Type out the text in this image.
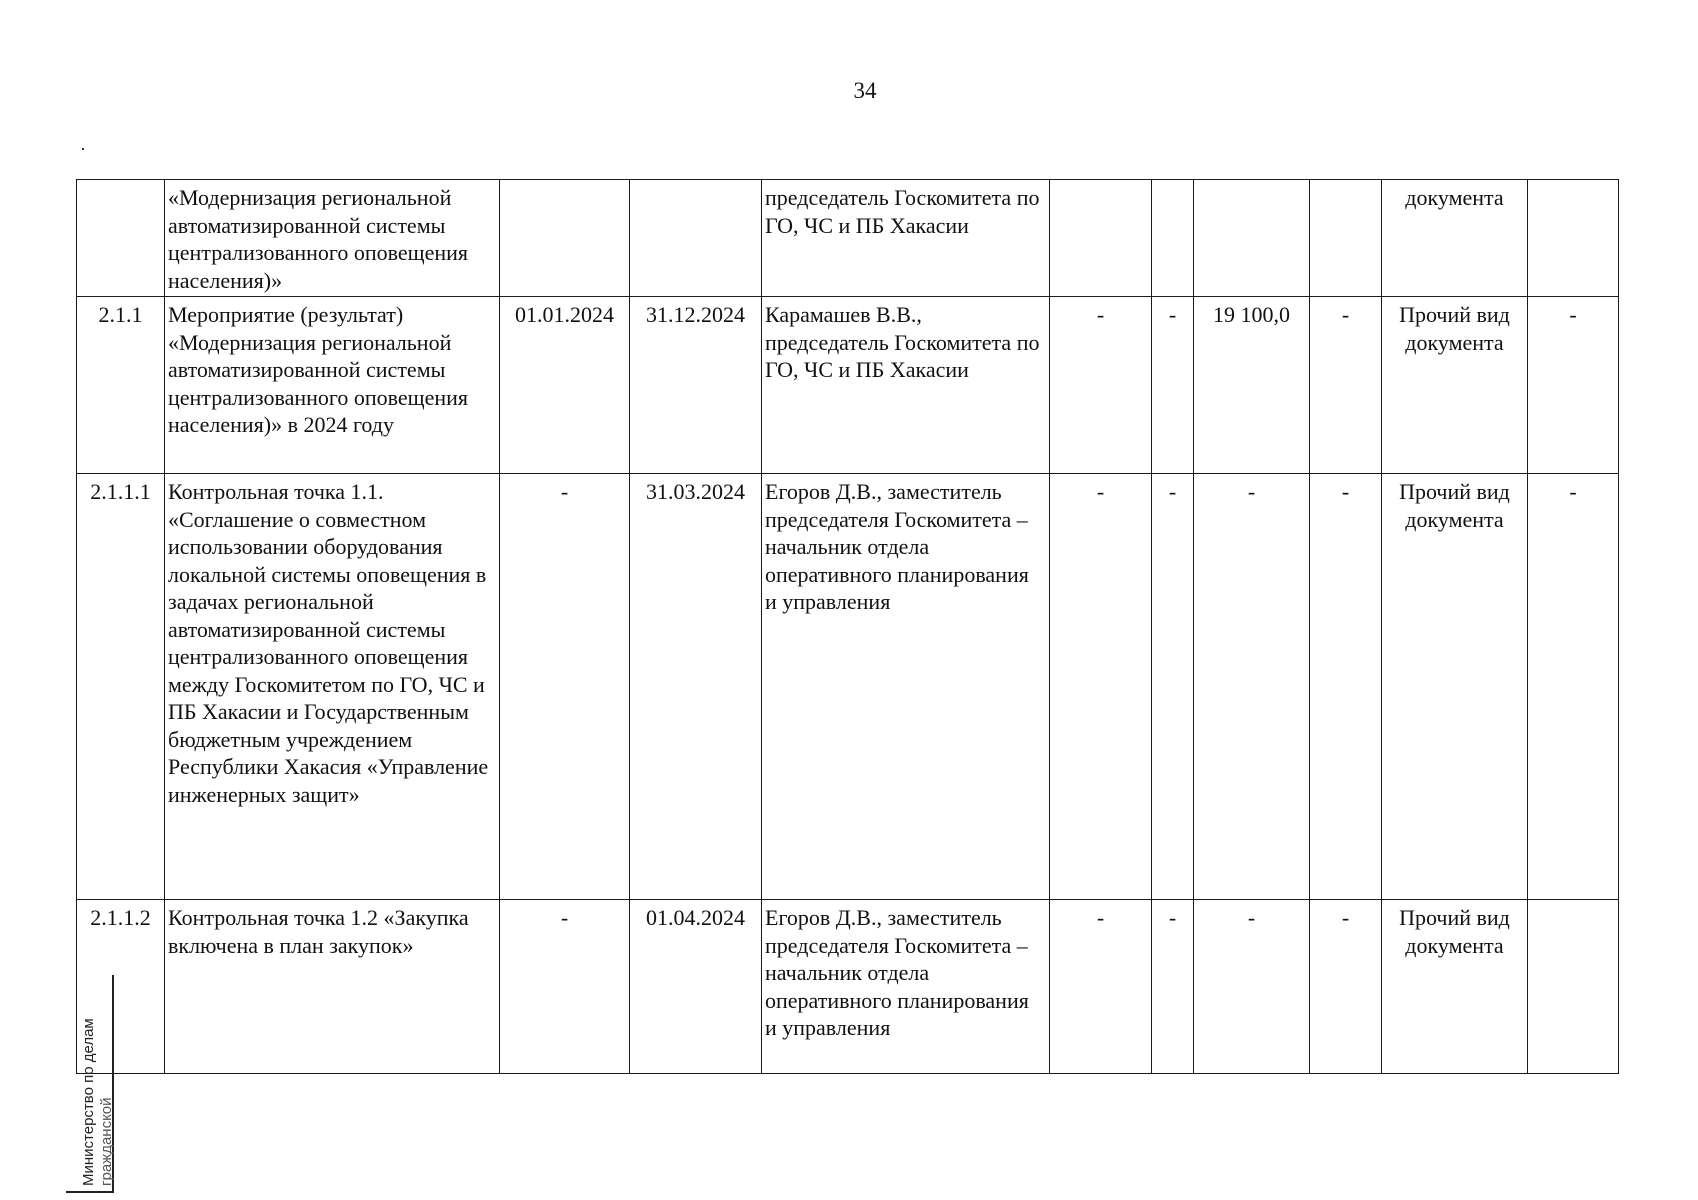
34
	«Модернизация региональной автоматизированной системы централизованного оповещения населения)»			председатель Госкомитета по ГО, ЧС и ПБ Хакасии					документа	
2.1.1	Мероприятие (результат) «Модернизация региональной автоматизированной системы централизованного оповещения населения)» в 2024 году	01.01.2024	31.12.2024	Карамашев В.В., председатель Госкомитета по ГО, ЧС и ПБ Хакасии	-	-	19 100,0	-	Прочий вид документа	-
2.1.1.1	Контрольная точка 1.1. «Соглашение о совместном использовании оборудования локальной системы оповещения в задачах региональной автоматизированной системы централизованного оповещения между Госкомитетом по ГО, ЧС и ПБ Хакасии и Государственным бюджетным учреждением Республики Хакасия «Управление инженерных защит»	-	31.03.2024	Егоров Д.В., заместитель председателя Госкомитета – начальник отдела оперативного планирования и управления	-	-	-	-	Прочий вид документа	-
2.1.1.2	Контрольная точка 1.2 «Закупка включена в план закупок»	-	01.04.2024	Егоров Д.В., заместитель председателя Госкомитета – начальник отдела оперативного планирования и управления	-	-	-	-	Прочий вид документа	
Министерство по делам гражданской
